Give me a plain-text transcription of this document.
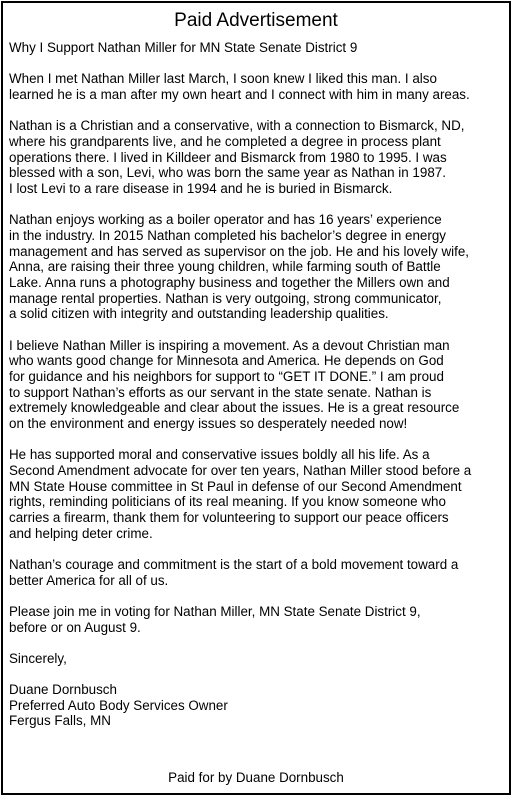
Paid Advertisement

Why I Support Nathan Miller for MN State Senate District 9

When I met Nathan Miller last March, I soon knew I liked this man. I also
learned he is a man after my own heart and I connect with him in many areas.

Nathan is a Christian and a conservative, with a connection to Bismarck, ND,
where his grandparents live, and he completed a degree in process plant
operations there. I lived in Killdeer and Bismarck from 1980 to 1995. I was
blessed with a son, Levi, who was born the same year as Nathan in 1987.
I lost Levi to a rare disease in 1994 and he is buried in Bismarck.

Nathan enjoys working as a boiler operator and has 16 years’ experience
in the industry. In 2015 Nathan completed his bachelor’s degree in energy
management and has served as supervisor on the job. He and his lovely wife,
Anna, are raising their three young children, while farming south of Battle
Lake. Anna runs a photography business and together the Millers own and
manage rental properties. Nathan is very outgoing, strong communicator,
a solid citizen with integrity and outstanding leadership qualities.

I believe Nathan Miller is inspiring a movement. As a devout Christian man
who wants good change for Minnesota and America. He depends on God
for guidance and his neighbors for support to “GET IT DONE.” I am proud
to support Nathan’s efforts as our servant in the state senate. Nathan is
extremely knowledgeable and clear about the issues. He is a great resource
on the environment and energy issues so desperately needed now!

He has supported moral and conservative issues boldly all his life. As a
Second Amendment advocate for over ten years, Nathan Miller stood before a
MN State House committee in St Paul in defense of our Second Amendment
rights, reminding politicians of its real meaning. If you know someone who
carries a firearm, thank them for volunteering to support our peace officers
and helping deter crime.

Nathan’s courage and commitment is the start of a bold movement toward a
better America for all of us.

Please join me in voting for Nathan Miller, MN State Senate District 9,
before or on August 9.

Sincerely,

Duane Dornbusch
Preferred Auto Body Services Owner
Fergus Falls, MN
Paid for by Duane Dornbusch
